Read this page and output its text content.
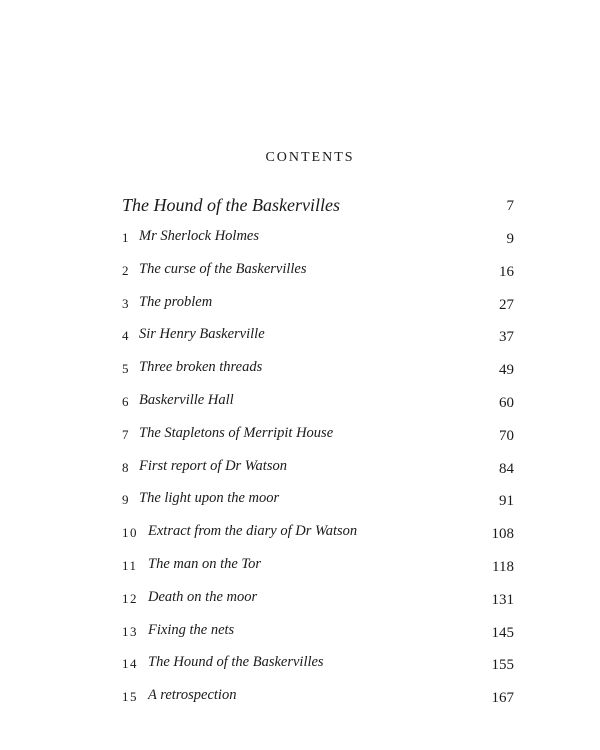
CONTENTS
The Hound of the Baskervilles	7
1 Mr Sherlock Holmes	9
2 The curse of the Baskervilles	16
3 The problem	27
4 Sir Henry Baskerville	37
5 Three broken threads	49
6 Baskerville Hall	60
7 The Stapletons of Merripit House	70
8 First report of Dr Watson	84
9 The light upon the moor	91
10 Extract from the diary of Dr Watson	108
11 The man on the Tor	118
12 Death on the moor	131
13 Fixing the nets	145
14 The Hound of the Baskervilles	155
15 A retrospection	167
